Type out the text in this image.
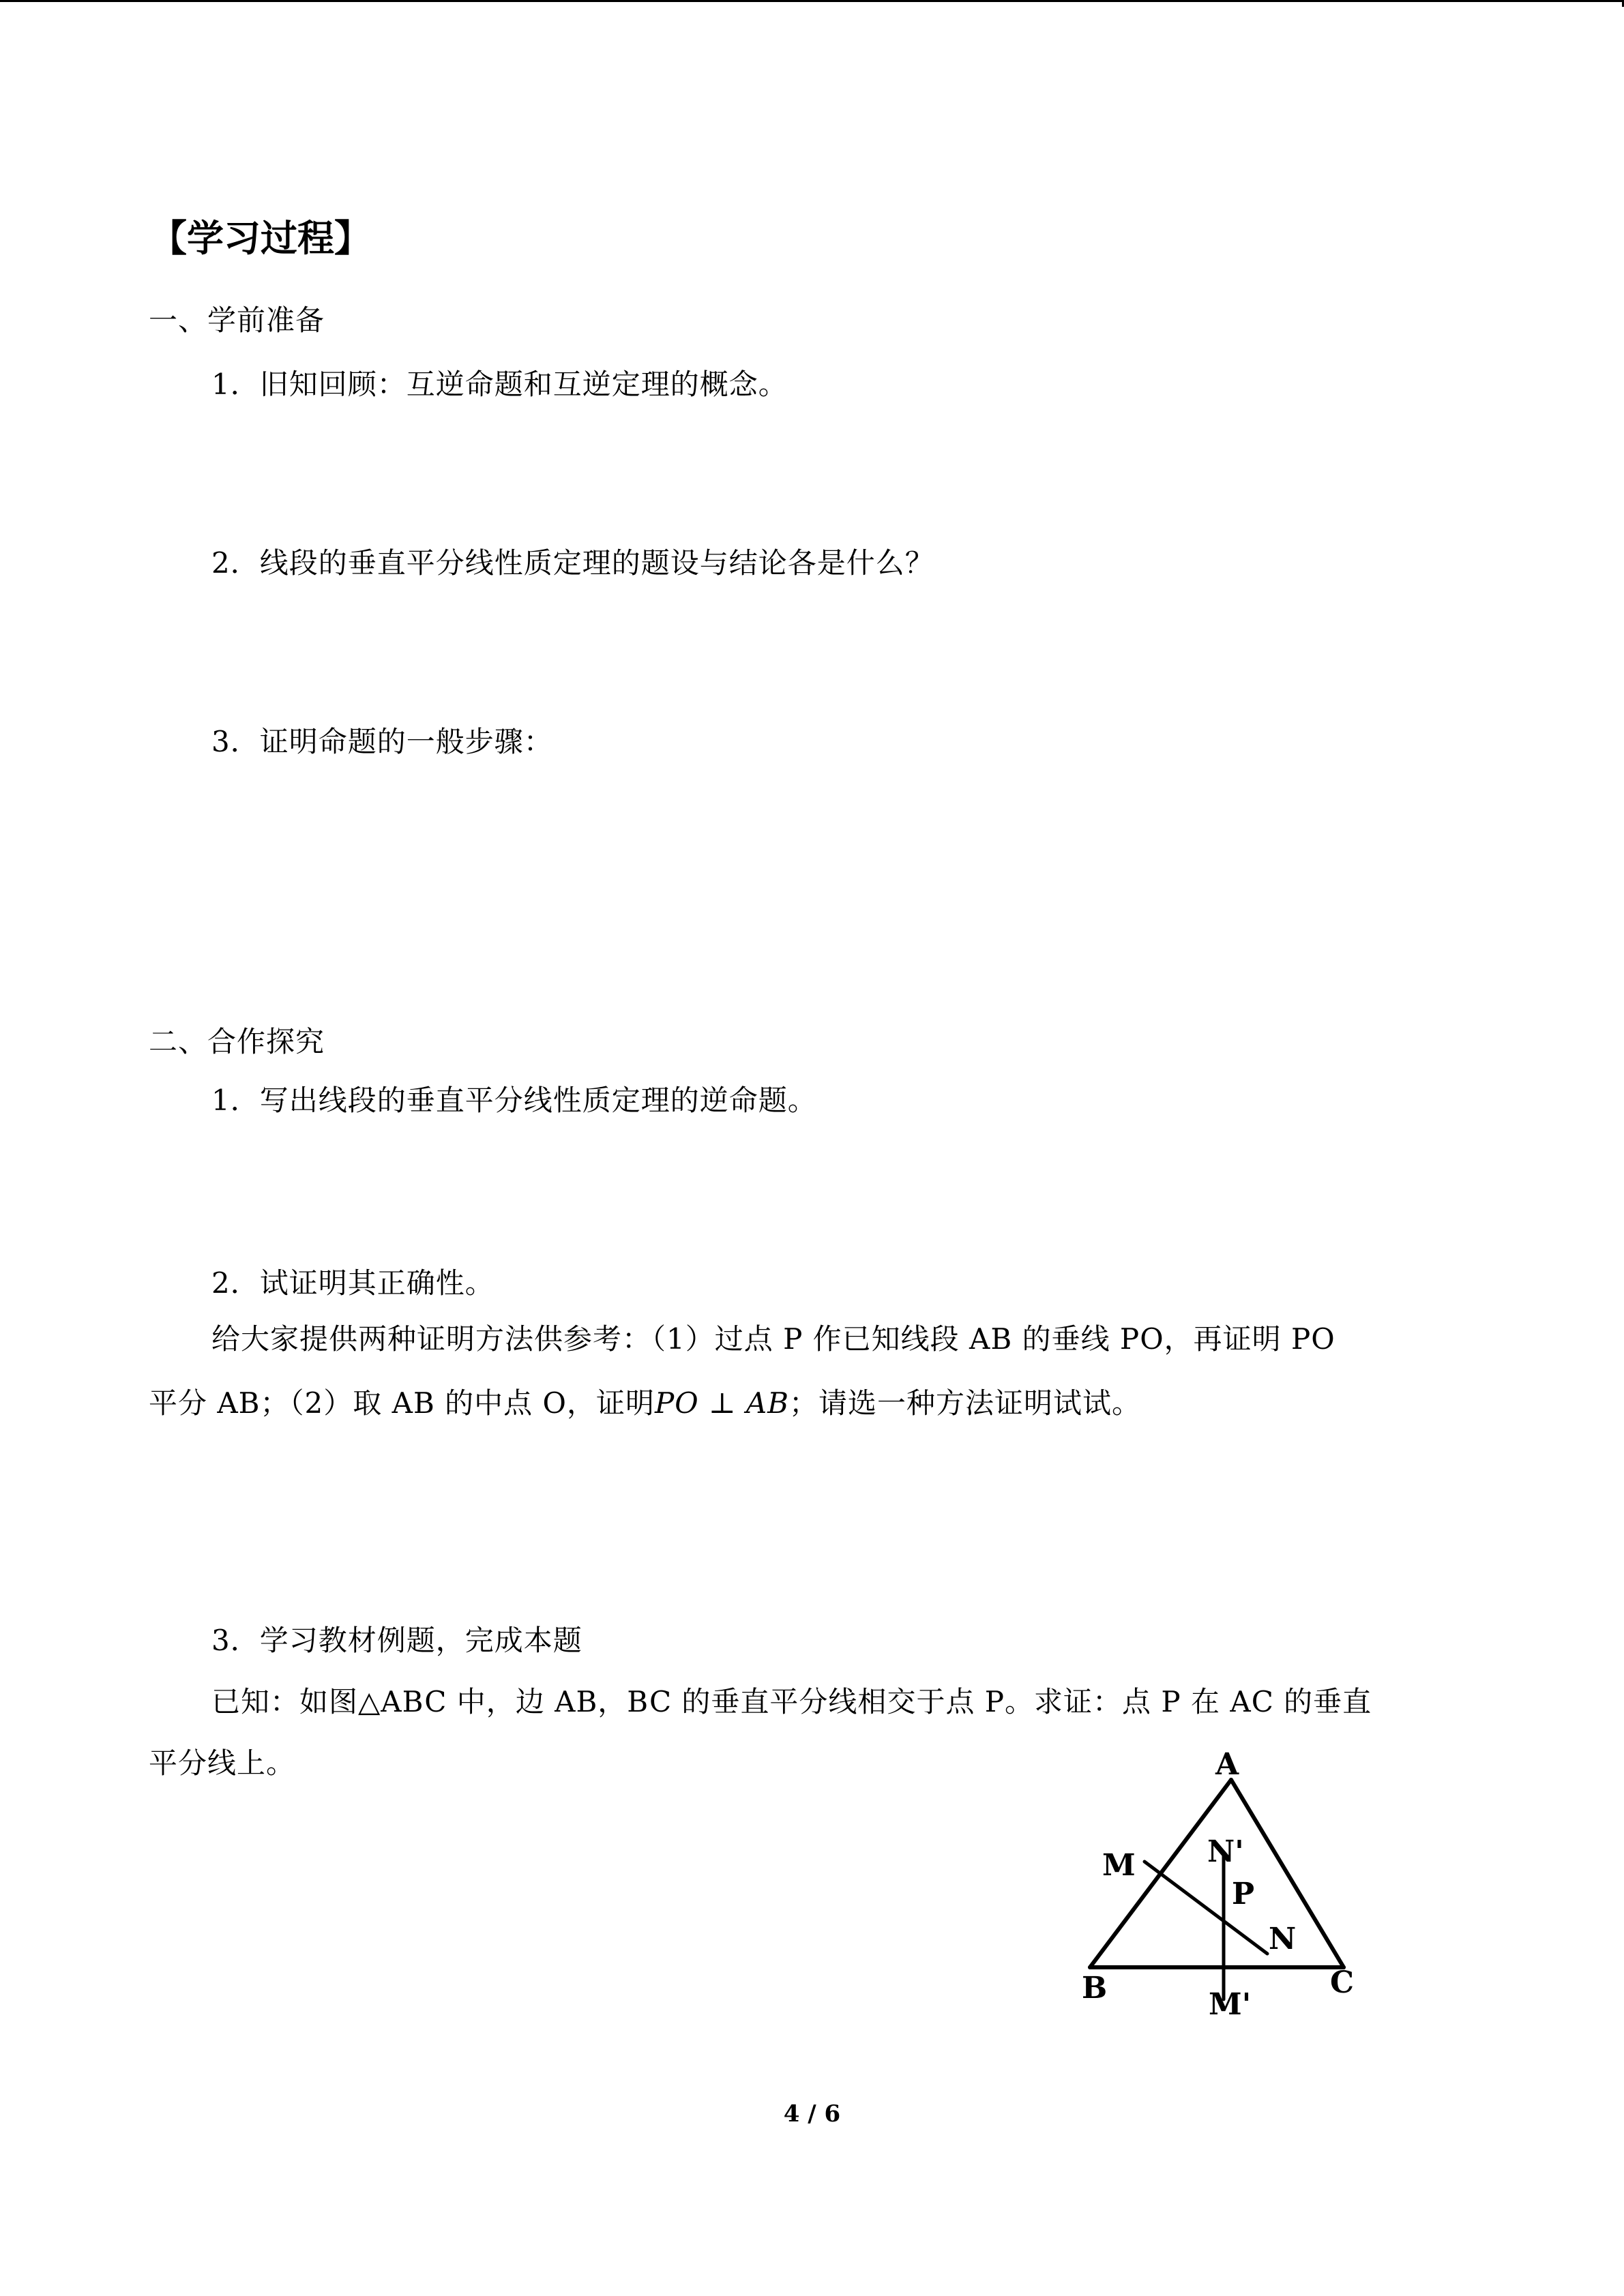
【学习过程】
一、学前准备
1．旧知回顾：互逆命题和互逆定理的概念。
2．线段的垂直平分线性质定理的题设与结论各是什么？
3．证明命题的一般步骤：
二、合作探究
1．写出线段的垂直平分线性质定理的逆命题。
2．试证明其正确性。
给大家提供两种证明方法供参考：（1）过点 P 作已知线段 AB 的垂线 PO，再证明 PO
平分 AB；（2）取 AB 的中点 O，证明PO ⊥ AB；请选一种方法证明试试。
3．学习教材例题，完成本题
已知：如图△ABC 中，边 AB，BC 的垂直平分线相交于点 P。求证：点 P 在 AC 的垂直
平分线上。	A
B	C
M N'
P
N
M'
4 / 6
